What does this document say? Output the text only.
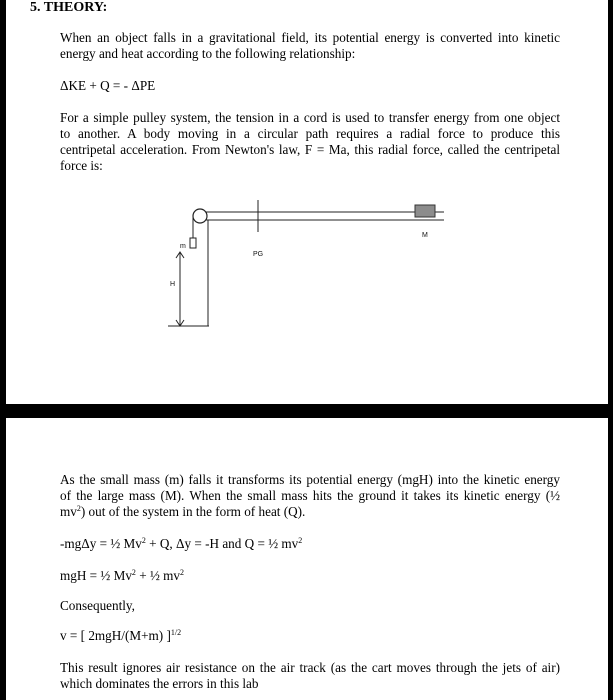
5. THEORY:
When an object falls in a gravitational field, its potential energy is converted into kinetic
energy and heat according to the following relationship:
ΔKE + Q = - ΔPE
For a simple pulley system, the tension in a cord is used to transfer energy from one object
to another. A body moving in a circular path requires a radial force to produce this
centripetal acceleration. From Newton's law, F = Ma, this radial force, called the centripetal
force is:
m
H
PG
M
As the small mass (m) falls it transforms its potential energy (mgH) into the kinetic energy
of the large mass (M). When the small mass hits the ground it takes its kinetic energy (½
$mv^2$) out of the system in the form of heat (Q).
-mgΔy = ½ $Mv^2 + Q$, Δy = -H and Q = ½ $mv^2$
mgH = ½ $Mv^2$ + ½ $mv^2$
Consequently,
v = [ 2mgH/(M+m) ]$^{1/2}$
This result ignores air resistance on the air track (as the cart moves through the jets of air)
which dominates the errors in this lab
